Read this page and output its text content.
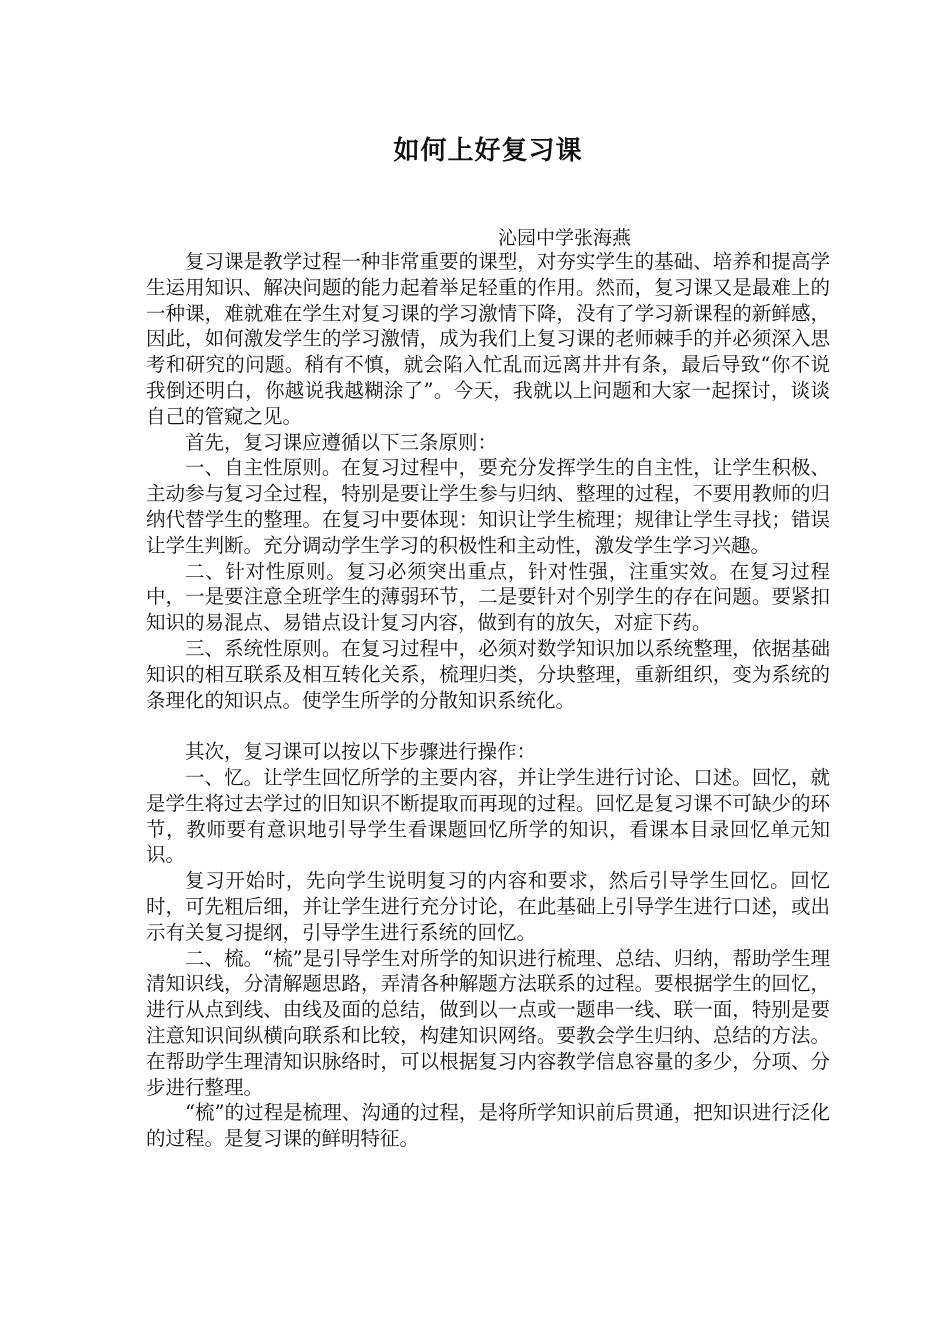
如何上好复习课

沁园中学张海燕

复习课是教学过程一种非常重要的课型，对夯实学生的基础、培养和提高学生运用知识、解决问题的能力起着举足轻重的作用。然而，复习课又是最难上的一种课，难就难在学生对复习课的学习激情下降，没有了学习新课程的新鲜感，因此，如何激发学生的学习激情，成为我们上复习课的老师棘手的并必须深入思考和研究的问题。稍有不慎，就会陷入忙乱而远离井井有条，最后导致“你不说我倒还明白，你越说我越糊涂了”。今天，我就以上问题和大家一起探讨，谈谈自己的管窥之见。

首先，复习课应遵循以下三条原则：

一、自主性原则。在复习过程中，要充分发挥学生的自主性，让学生积极、主动参与复习全过程，特别是要让学生参与归纳、整理的过程，不要用教师的归纳代替学生的整理。在复习中要体现：知识让学生梳理；规律让学生寻找；错误让学生判断。充分调动学生学习的积极性和主动性，激发学生学习兴趣。

二、针对性原则。复习必须突出重点，针对性强，注重实效。在复习过程中，一是要注意全班学生的薄弱环节，二是要针对个别学生的存在问题。要紧扣知识的易混点、易错点设计复习内容，做到有的放矢，对症下药。

三、系统性原则。在复习过程中，必须对数学知识加以系统整理，依据基础知识的相互联系及相互转化关系，梳理归类，分块整理，重新组织，变为系统的条理化的知识点。使学生所学的分散知识系统化。

其次，复习课可以按以下步骤进行操作：

一、忆。让学生回忆所学的主要内容，并让学生进行讨论、口述。回忆，就是学生将过去学过的旧知识不断提取而再现的过程。回忆是复习课不可缺少的环节，教师要有意识地引导学生看课题回忆所学的知识，看课本目录回忆单元知识。

复习开始时，先向学生说明复习的内容和要求，然后引导学生回忆。回忆时，可先粗后细，并让学生进行充分讨论，在此基础上引导学生进行口述，或出示有关复习提纲，引导学生进行系统的回忆。

二、梳。“梳”是引导学生对所学的知识进行梳理、总结、归纳，帮助学生理清知识线，分清解题思路，弄清各种解题方法联系的过程。要根据学生的回忆，进行从点到线、由线及面的总结，做到以一点或一题串一线、联一面，特别是要注意知识间纵横向联系和比较，构建知识网络。要教会学生归纳、总结的方法。在帮助学生理清知识脉络时，可以根据复习内容教学信息容量的多少，分项、分步进行整理。

“梳”的过程是梳理、沟通的过程，是将所学知识前后贯通，把知识进行泛化的过程。是复习课的鲜明特征。
